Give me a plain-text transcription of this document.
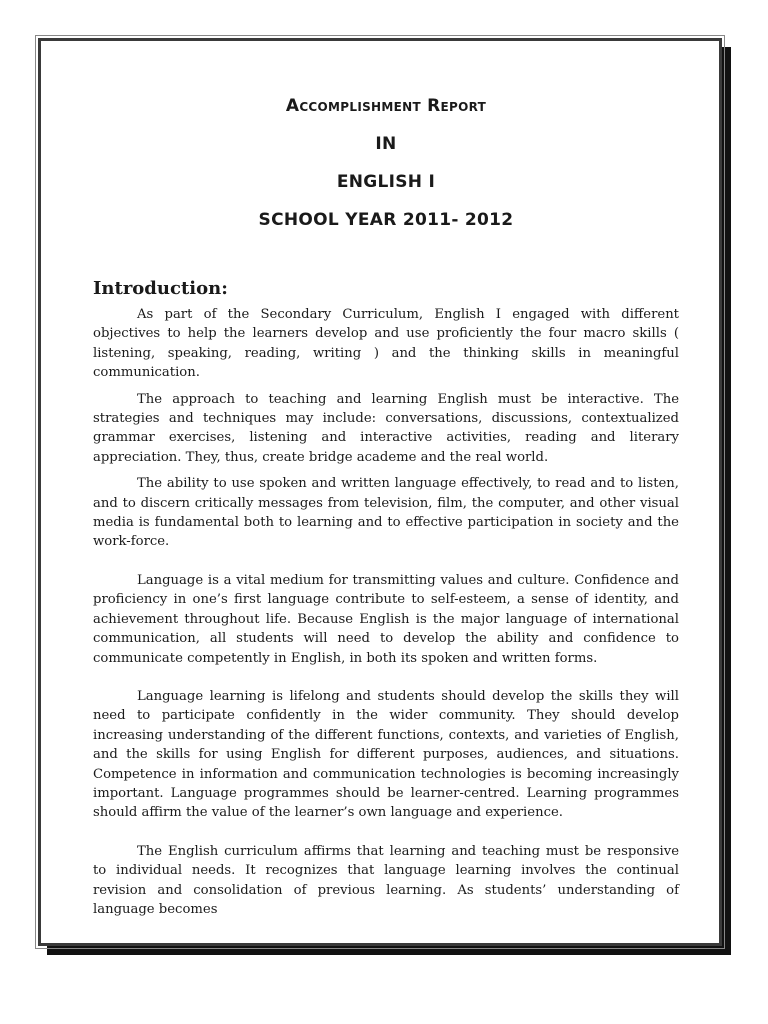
Accomplishment Report

IN

ENGLISH I

SCHOOL YEAR 2011- 2012

Introduction:

As part of the Secondary Curriculum, English I engaged with different objectives to help the learners develop and use proficiently the four macro skills ( listening, speaking, reading, writing ) and the thinking skills in meaningful communication.

The approach to teaching and learning English must be interactive. The strategies and techniques may include: conversations, discussions, contextualized grammar exercises, listening and interactive activities, reading and literary appreciation. They, thus, create bridge academe and the real world.

The ability to use spoken and written language effectively, to read and to listen, and to discern critically messages from television, film, the computer, and other visual media is fundamental both to learning and to effective participation in society and the work-force.

Language is a vital medium for transmitting values and culture. Confidence and proficiency in one’s first language contribute to self-esteem, a sense of identity, and achievement throughout life. Because English is the major language of international communication, all students will need to develop the ability and confidence to communicate competently in English, in both its spoken and written forms.

Language learning is lifelong and students should develop the skills they will need to participate confidently in the wider community. They should develop increasing understanding of the different functions, contexts, and varieties of English, and the skills for using English for different purposes, audiences, and situations. Competence in information and communication technologies is becoming increasingly important. Language programmes should be learner-centred. Learning programmes should affirm the value of the learner’s own language and experience.

The English curriculum affirms that learning and teaching must be responsive to individual needs. It recognizes that language learning involves the continual revision and consolidation of previous learning. As students’ understanding of language becomes
